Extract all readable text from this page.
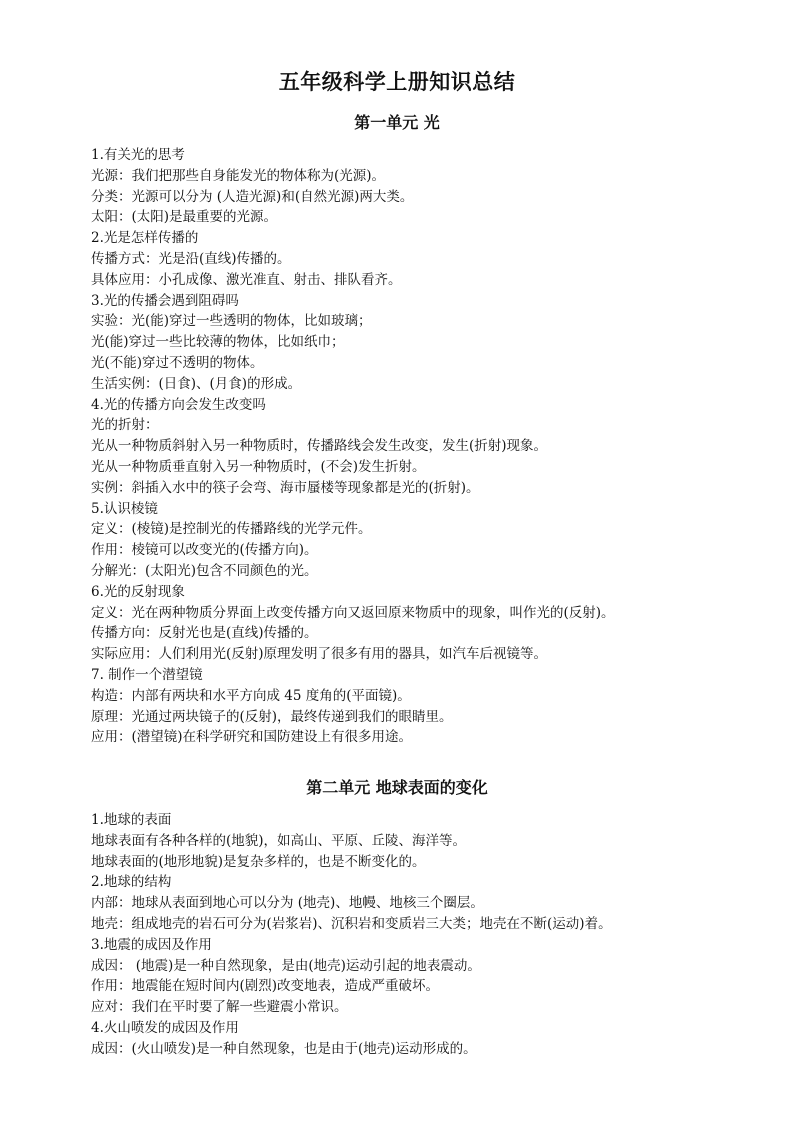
五年级科学上册知识总结
第一单元 光
1.有关光的思考
光源：我们把那些自身能发光的物体称为(光源)。
分类：光源可以分为 (人造光源)和(自然光源)两大类。
太阳：(太阳)是最重要的光源。
2.光是怎样传播的
传播方式：光是沿(直线)传播的。
具体应用：小孔成像、激光准直、射击、排队看齐。
3.光的传播会遇到阻碍吗
实验：光(能)穿过一些透明的物体，比如玻璃；
光(能)穿过一些比较薄的物体，比如纸巾；
光(不能)穿过不透明的物体。
生活实例：(日食)、(月食)的形成。
4.光的传播方向会发生改变吗
光的折射：
光从一种物质斜射入另一种物质时，传播路线会发生改变，发生(折射)现象。
光从一种物质垂直射入另一种物质时，(不会)发生折射。
实例：斜插入水中的筷子会弯、海市蜃楼等现象都是光的(折射)。
5.认识棱镜
定义：(棱镜)是控制光的传播路线的光学元件。
作用：棱镜可以改变光的(传播方向)。
分解光：(太阳光)包含不同颜色的光。
6.光的反射现象
定义：光在两种物质分界面上改变传播方向又返回原来物质中的现象，叫作光的(反射)。
传播方向：反射光也是(直线)传播的。
实际应用：人们利用光(反射)原理发明了很多有用的器具，如汽车后视镜等。
7. 制作一个潜望镜
构造：内部有两块和水平方向成 45 度角的(平面镜)。
原理：光通过两块镜子的(反射)，最终传递到我们的眼睛里。
应用：(潜望镜)在科学研究和国防建设上有很多用途。
第二单元 地球表面的变化
1.地球的表面
地球表面有各种各样的(地貌)，如高山、平原、丘陵、海洋等。
地球表面的(地形地貌)是复杂多样的，也是不断变化的。
2.地球的结构
内部：地球从表面到地心可以分为 (地壳)、地幔、地核三个圈层。
地壳：组成地壳的岩石可分为(岩浆岩)、沉积岩和变质岩三大类；地壳在不断(运动)着。
3.地震的成因及作用
成因： (地震)是一种自然现象，是由(地壳)运动引起的地表震动。
作用：地震能在短时间内(剧烈)改变地表，造成严重破坏。
应对：我们在平时要了解一些避震小常识。
4.火山喷发的成因及作用
成因：(火山喷发)是一种自然现象，也是由于(地壳)运动形成的。
